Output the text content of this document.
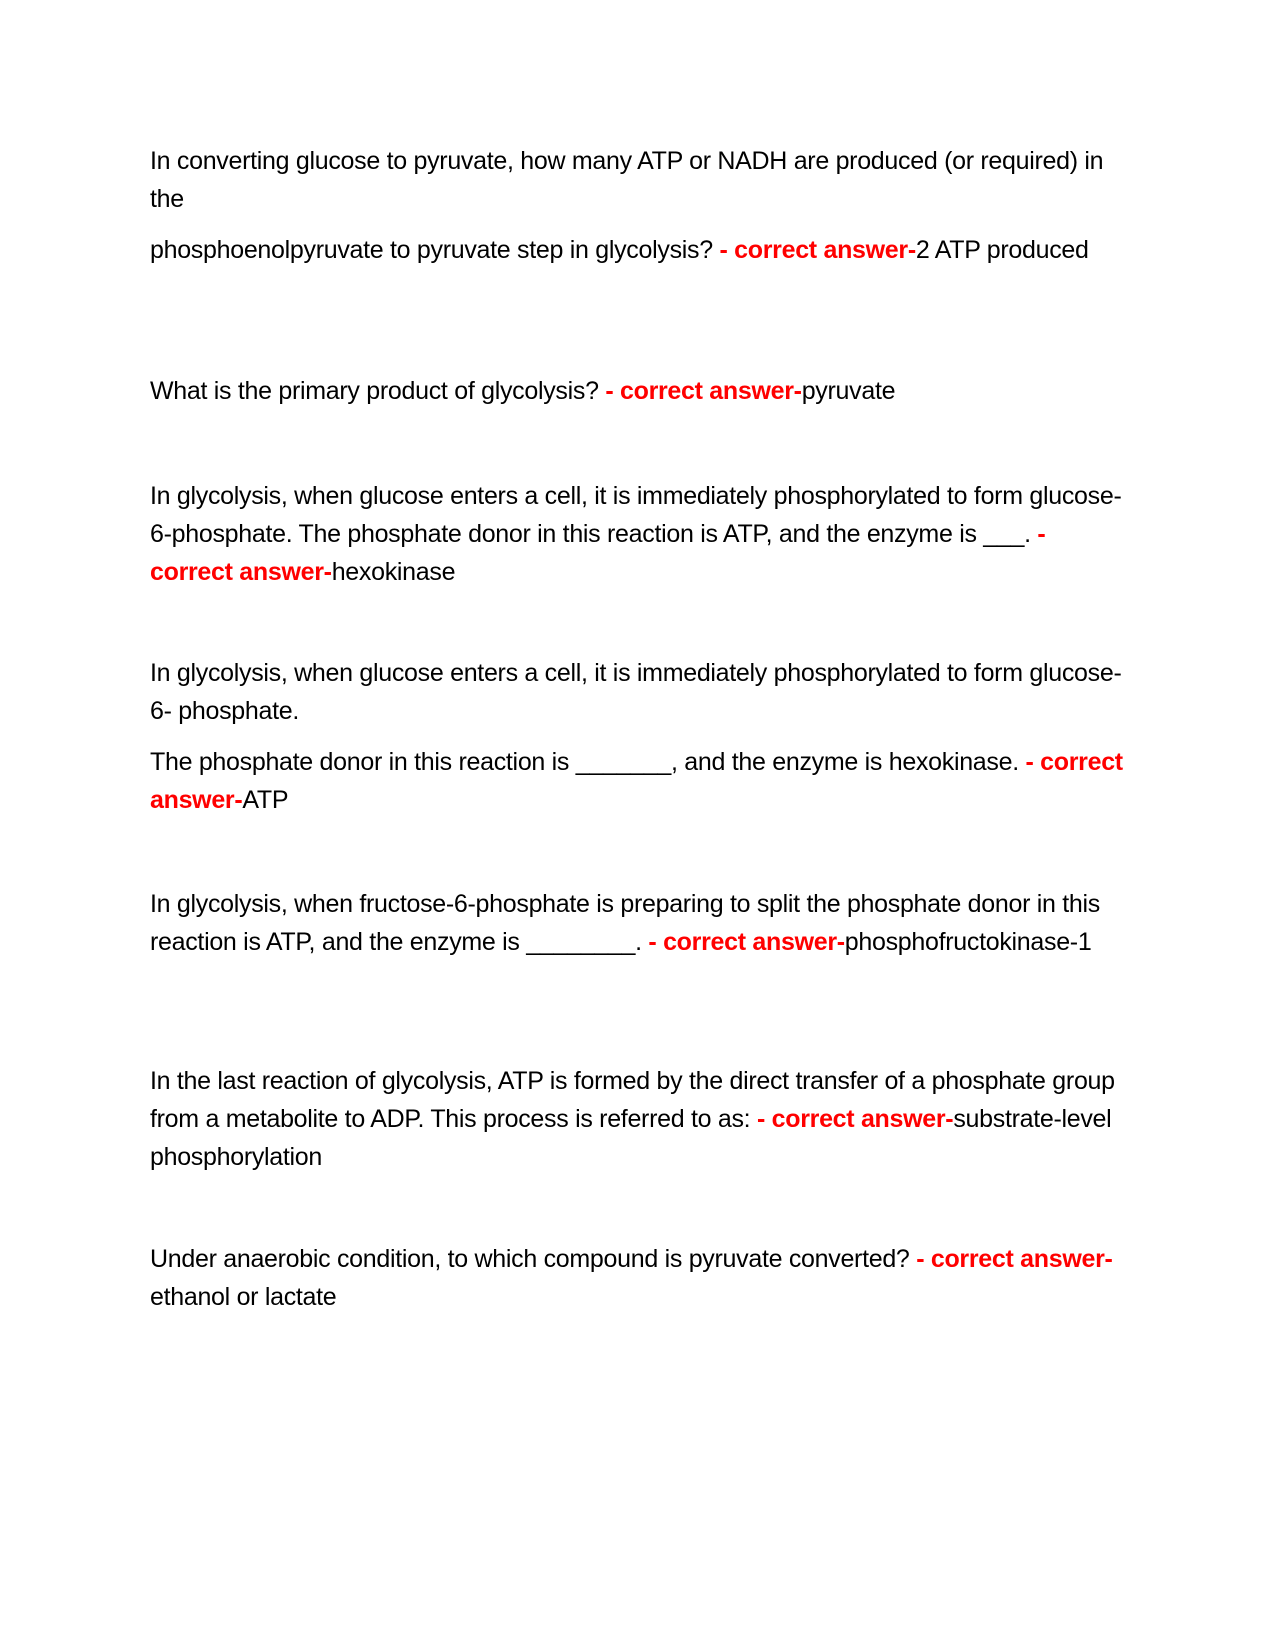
In converting glucose to pyruvate, how many ATP or NADH are produced (or required) in the

phosphoenolpyruvate to pyruvate step in glycolysis? - correct answer-2 ATP produced

What is the primary product of glycolysis? - correct answer-pyruvate

In glycolysis, when glucose enters a cell, it is immediately phosphorylated to form glucose-6-phosphate. The phosphate donor in this reaction is ATP, and the enzyme is ___. - correct answer-hexokinase

In glycolysis, when glucose enters a cell, it is immediately phosphorylated to form glucose-6- phosphate.

The phosphate donor in this reaction is _______, and the enzyme is hexokinase. - correct answer-ATP

In glycolysis, when fructose-6-phosphate is preparing to split the phosphate donor in this reaction is ATP, and the enzyme is ________. - correct answer-phosphofructokinase-1

In the last reaction of glycolysis, ATP is formed by the direct transfer of a phosphate group from a metabolite to ADP. This process is referred to as: - correct answer-substrate-level phosphorylation

Under anaerobic condition, to which compound is pyruvate converted? - correct answer-ethanol or lactate
